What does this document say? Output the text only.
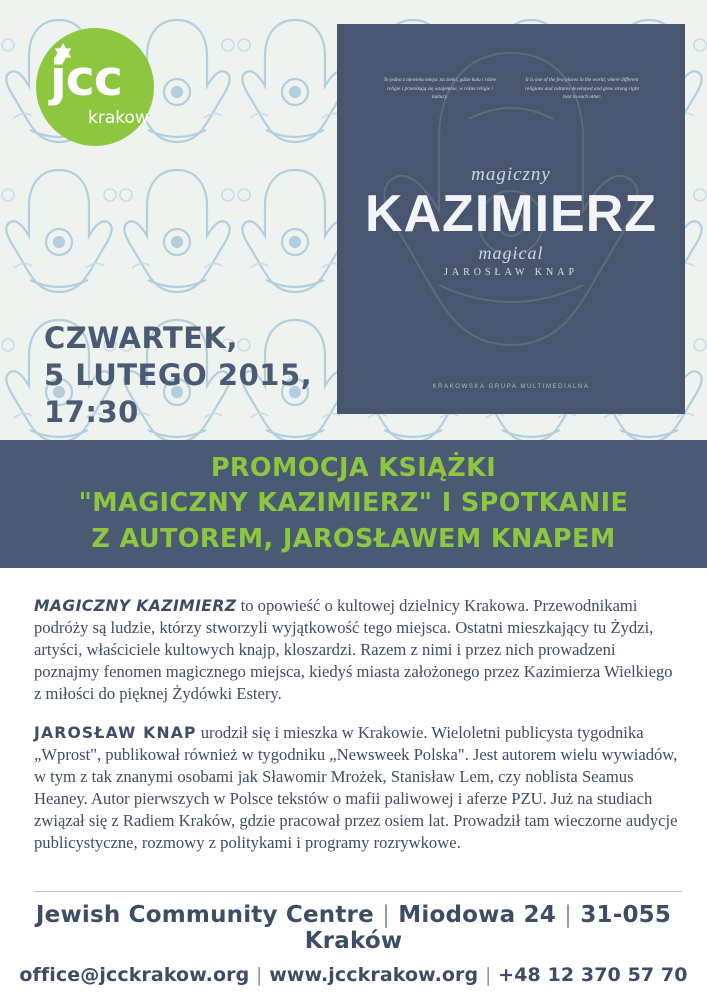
jcc
krakow
To jedno z niewielu miejsc na ziemi, gdzie kulu i różne religie i przenikają się wzajemnie, w różne religie i kultury.
It is one of the few places in the world, where different religions and cultures developed and grew strong right next to each other.
magiczny
KAZIMIERZ
magical
JAROSŁAW KNAP
KRAKOWSKA GRUPA MULTIMEDIALNA
CZWARTEK,
5 LUTEGO 2015,
17:30
PROMOCJA KSIĄŻKI
"MAGICZNY KAZIMIERZ" I SPOTKANIE
Z AUTOREM, JAROSŁAWEM KNAPEM

MAGICZNY KAZIMIERZ to opowieść o kultowej dzielnicy Krakowa. Przewodnikami podróży są ludzie, którzy stworzyli wyjątkowość tego miejsca. Ostatni mieszkający tu Żydzi, artyści, właściciele kultowych knajp, kloszardzi. Razem z nimi i przez nich prowadzeni poznajmy fenomen magicznego miejsca, kiedyś miasta założonego przez Kazimierza Wielkiego z miłości do pięknej Żydówki Estery.

JAROSŁAW KNAP urodził się i mieszka w Krakowie. Wieloletni publicysta tygodnika „Wprost", publikował również w tygodniku „Newsweek Polska". Jest autorem wielu wywiadów, w tym z tak znanymi osobami jak Sławomir Mrożek, Stanisław Lem, czy noblista Seamus Heaney. Autor pierwszych w Polsce tekstów o mafii paliwowej i aferze PZU. Już na studiach związał się z Radiem Kraków, gdzie pracował przez osiem lat. Prowadził tam wieczorne audycje publicystyczne, rozmowy z politykami i programy rozrywkowe.

Jewish Community Centre | Miodowa 24 | 31-055 Kraków
office@jcckrakow.org | www.jcckrakow.org | +48 12 370 57 70
